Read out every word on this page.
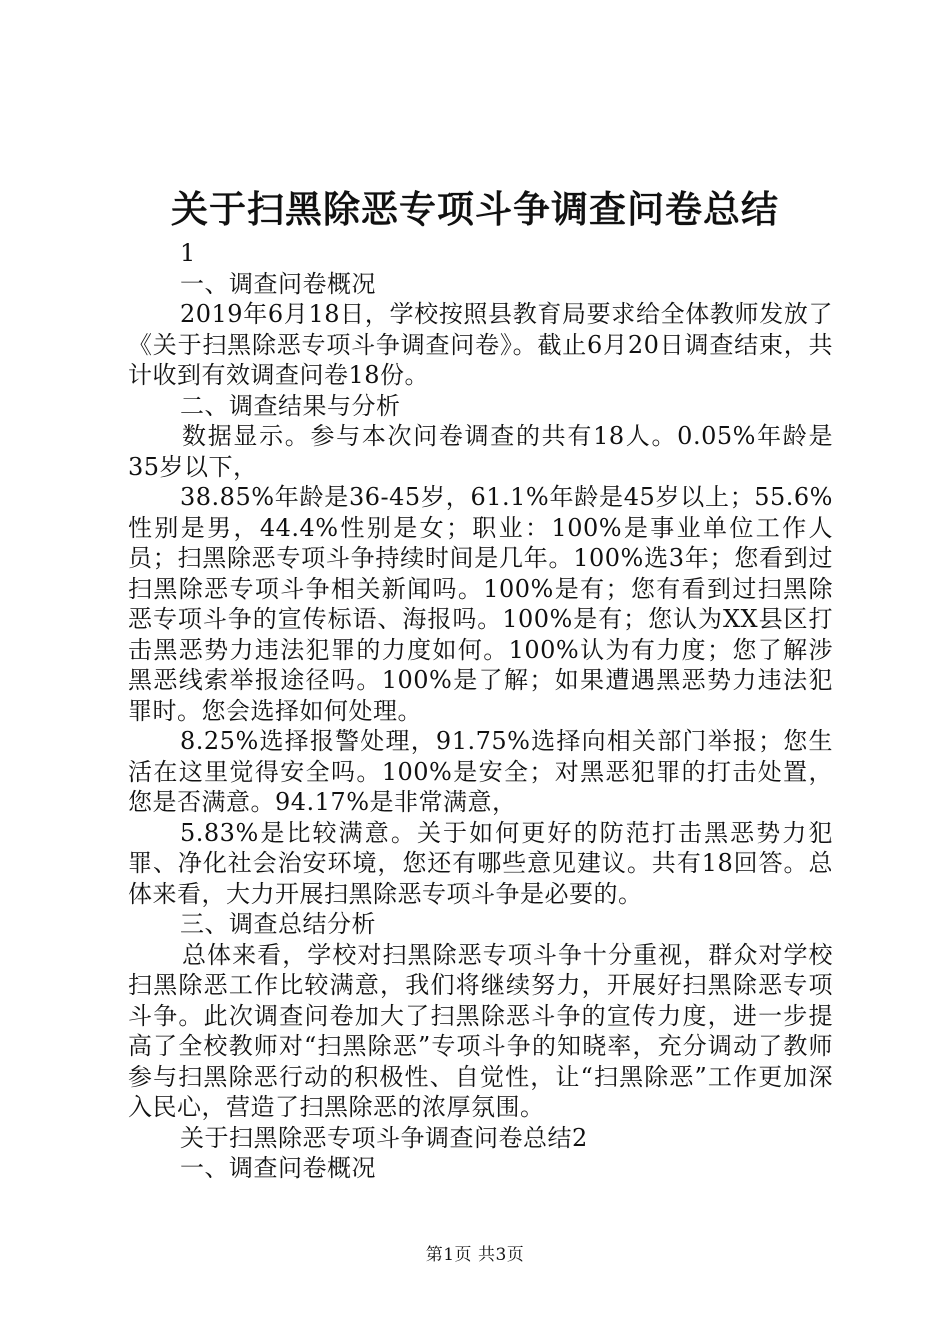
关于扫黑除恶专项斗争调查问卷总结

1

一、调查问卷概况

2019年6月18日，学校按照县教育局要求给全体教师发放了《关于扫黑除恶专项斗争调查问卷》。截止6月20日调查结束，共计收到有效调查问卷18份。

二、调查结果与分析

数据显示。参与本次问卷调查的共有18人。0.05%年龄是35岁以下，

38.85%年龄是36-45岁，61.1%年龄是45岁以上；55.6%性别是男，44.4%性别是女；职业：100%是事业单位工作人员；扫黑除恶专项斗争持续时间是几年。100%选3年；您看到过扫黑除恶专项斗争相关新闻吗。100%是有；您有看到过扫黑除恶专项斗争的宣传标语、海报吗。100%是有；您认为XX县区打击黑恶势力违法犯罪的力度如何。100%认为有力度；您了解涉黑恶线索举报途径吗。100%是了解；如果遭遇黑恶势力违法犯罪时。您会选择如何处理。

8.25%选择报警处理，91.75%选择向相关部门举报；您生活在这里觉得安全吗。100%是安全；对黑恶犯罪的打击处置，您是否满意。94.17%是非常满意，

5.83%是比较满意。关于如何更好的防范打击黑恶势力犯罪、净化社会治安环境，您还有哪些意见建议。共有18回答。总体来看，大力开展扫黑除恶专项斗争是必要的。

三、调查总结分析

总体来看，学校对扫黑除恶专项斗争十分重视，群众对学校扫黑除恶工作比较满意，我们将继续努力，开展好扫黑除恶专项斗争。此次调查问卷加大了扫黑除恶斗争的宣传力度，进一步提高了全校教师对“扫黑除恶”专项斗争的知晓率，充分调动了教师参与扫黑除恶行动的积极性、自觉性，让“扫黑除恶”工作更加深入民心，营造了扫黑除恶的浓厚氛围。

关于扫黑除恶专项斗争调查问卷总结2

一、调查问卷概况

第1页 共3页
